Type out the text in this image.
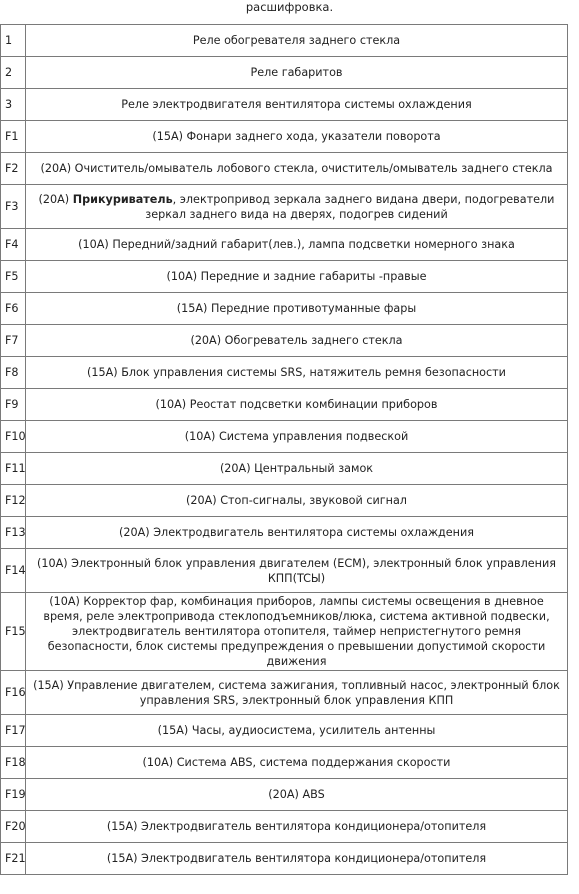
расшифровка.
1	Реле обогревателя заднего стекла
2	Реле габаритов
3	Реле электродвигателя вентилятора системы охлаждения
F1	(15A) Фонари заднего хода, указатели поворота
F2	(20A) Очиститель/омыватель лобового стекла, очиститель/омыватель заднего стекла
F3	(20A) Прикуриватель, электропривод зеркала заднего видана двери, подогреватели зеркал заднего вида на дверях, подогрев сидений
F4	(10A) Передний/задний габарит(лев.), лампа подсветки номерного знака
F5	(10A) Передние и задние габариты -правые
F6	(15A) Передние противотуманные фары
F7	(20A) Обогреватель заднего стекла
F8	(15A) Блок управления системы SRS, натяжитель ремня безопасности
F9	(10A) Реостат подсветки комбинации приборов
F10	(10A) Система управления подвеской
F11	(20A) Центральный замок
F12	(20A) Стоп-сигналы, звуковой сигнал
F13	(20A) Электродвигатель вентилятора системы охлаждения
F14	(10A) Электронный блок управления двигателем (ECM), электронный блок управления КПП(TCЫ)
F15	(10A) Корректор фар, комбинация приборов, лампы системы освещения в дневное время, реле электропривода стеклоподъемников/люка, система активной подвески, электродвигатель вентилятора отопителя, таймер непристегнутого ремня безопасности, блок системы предупреждения о превышении допустимой скорости движения
F16	(15A) Управление двигателем, система зажигания, топливный насос, электронный блок управления SRS, электронный блок управления КПП
F17	(15A) Часы, аудиосистема, усилитель антенны
F18	(10A) Система ABS, система поддержания скорости
F19	(20A) ABS
F20	(15A) Электродвигатель вентилятора кондиционера/отопителя
F21	(15A) Электродвигатель вентилятора кондиционера/отопителя
